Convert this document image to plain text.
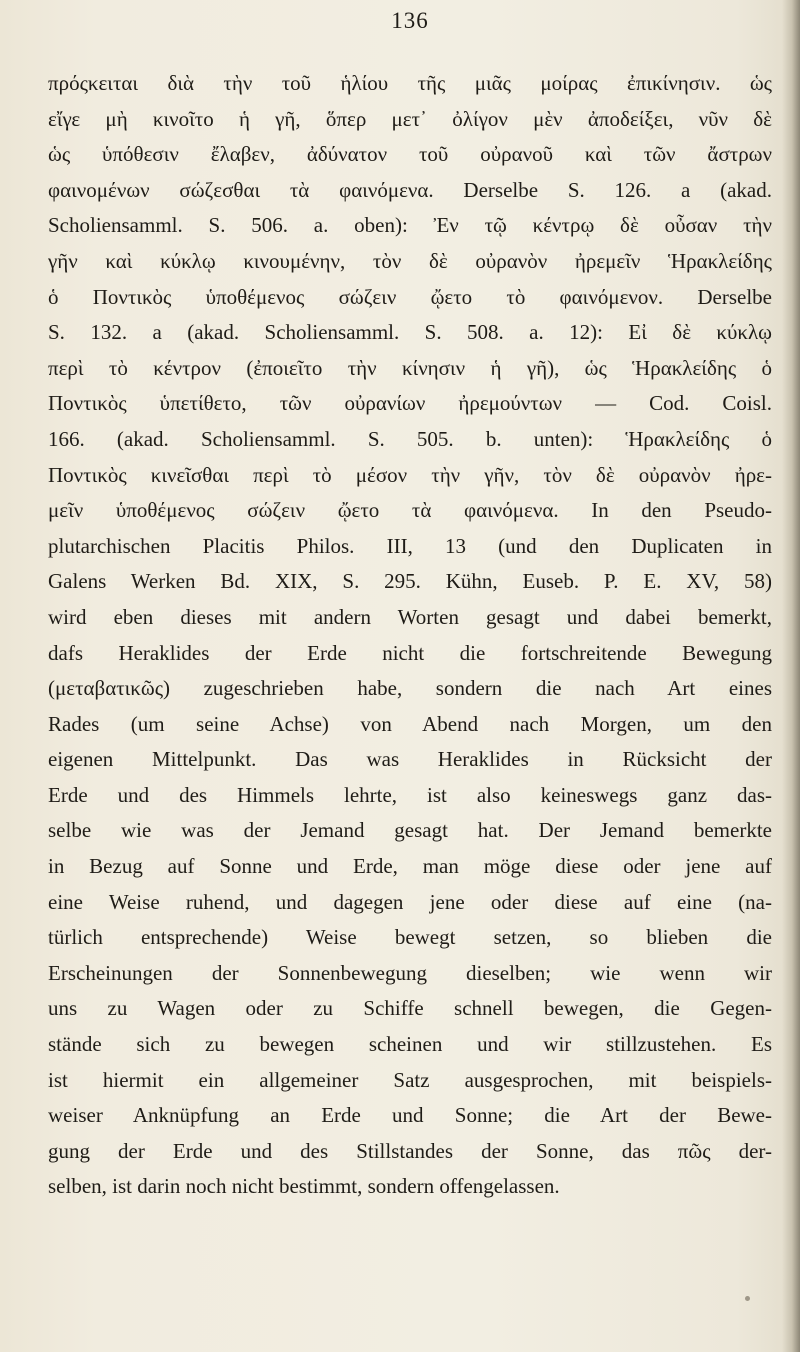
136
πρόςκειται διὰ τὴν τοῦ ἡλίου τῆς μιᾶς μοίρας ἐπικίνησιν. ὡς
εἴγε μὴ κινοῖτο ἡ γῆ, ὅπερ μετ᾽ ὀλίγον μὲν ἀποδείξει, νῦν δὲ
ὡς ὑπόθεσιν ἔλαβεν, ἀδύνατον τοῦ οὐρανοῦ καὶ τῶν ἄστρων
φαινομένων σώζεσθαι τὰ φαινόμενα. Derselbe S. 126. a (akad.
Scholiensamml. S. 506. a. oben): Ἐν τῷ κέντρῳ δὲ οὖσαν τὴν
γῆν καὶ κύκλῳ κινουμένην, τὸν δὲ οὐρανὸν ἠρεμεῖν Ἡρακλείδης
ὁ Ποντικὸς ὑποθέμενος σώζειν ᾤετο τὸ φαινόμενον. Derselbe
S. 132. a (akad. Scholiensamml. S. 508. a. 12): Εἰ δὲ κύκλῳ
περὶ τὸ κέντρον (ἐποιεῖτο τὴν κίνησιν ἡ γῆ), ὡς Ἡρακλείδης ὁ
Ποντικὸς ὑπετίθετο, τῶν οὐρανίων ἠρεμούντων — Cod. Coisl.
166. (akad. Scholiensamml. S. 505. b. unten): Ἡρακλείδης ὁ
Ποντικὸς κινεῖσθαι περὶ τὸ μέσον τὴν γῆν, τὸν δὲ οὐρανὸν ἠρε-
μεῖν ὑποθέμενος σώζειν ᾤετο τὰ φαινόμενα. In den Pseudo-
plutarchischen Placitis Philos. III, 13 (und den Duplicaten in
Galens Werken Bd. XIX, S. 295. Kühn, Euseb. P. E. XV, 58)
wird eben dieses mit andern Worten gesagt und dabei bemerkt,
dafs Heraklides der Erde nicht die fortschreitende Bewegung
(μεταβατικῶς) zugeschrieben habe, sondern die nach Art eines
Rades (um seine Achse) von Abend nach Morgen, um den
eigenen Mittelpunkt. Das was Heraklides in Rücksicht der
Erde und des Himmels lehrte, ist also keineswegs ganz das-
selbe wie was der Jemand gesagt hat. Der Jemand bemerkte
in Bezug auf Sonne und Erde, man möge diese oder jene auf
eine Weise ruhend, und dagegen jene oder diese auf eine (na-
türlich entsprechende) Weise bewegt setzen, so blieben die
Erscheinungen der Sonnenbewegung dieselben; wie wenn wir
uns zu Wagen oder zu Schiffe schnell bewegen, die Gegen-
stände sich zu bewegen scheinen und wir stillzustehen. Es
ist hiermit ein allgemeiner Satz ausgesprochen, mit beispiels-
weiser Anknüpfung an Erde und Sonne; die Art der Bewe-
gung der Erde und des Stillstandes der Sonne, das πῶς der-
selben, ist darin noch nicht bestimmt, sondern offengelassen.
